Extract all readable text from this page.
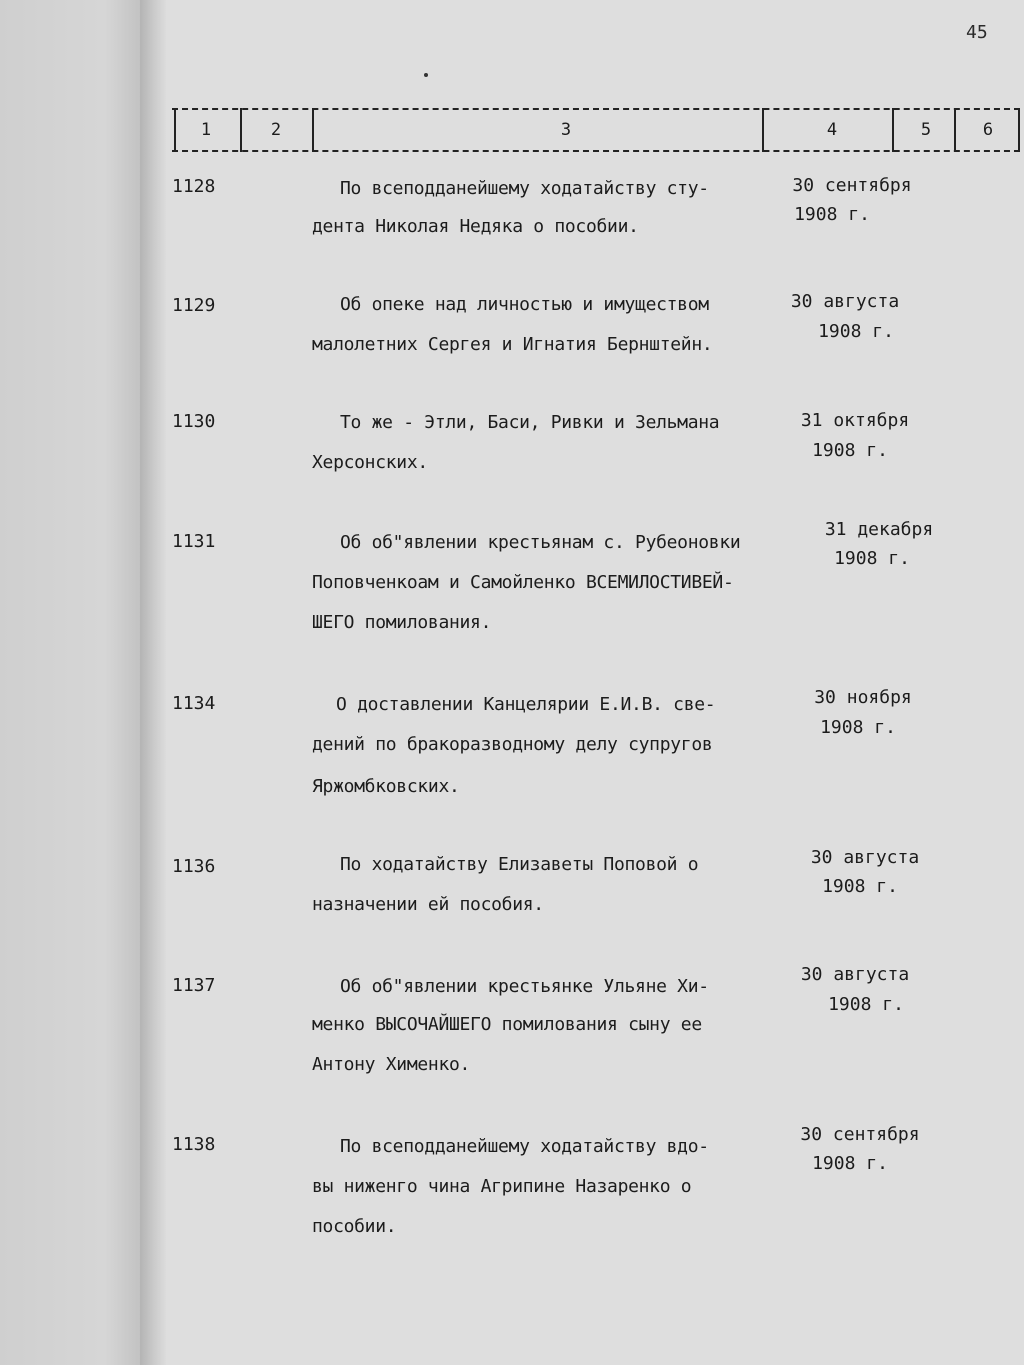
45
1	2	3	4	5	6
1128	По всеподданейшему ходатайству сту-
дента Николая Недяка о пособии.
30 сентября
1908 г.
1129	Об опеке над личностью и имуществом
малолетних Сергея и Игнатия Бернштейн.
30 августа
1908 г.
1130	То же - Этли, Баси, Ривки и Зельмана
Херсонских.
31 октября
1908 г.
1131	Об об"явлении крестьянам с. Рубеоновки
Поповченкоам и Самойленко ВСЕМИЛОСТИВЕЙ-
ШЕГО помилования.
31 декабря
1908 г.
1134	О доставлении Канцелярии Е.И.В. све-
дений по бракоразводному делу супругов
Яржомбковских.
30 ноября
1908 г.
1136	По ходатайству Елизаветы Поповой о
назначении ей пособия.
30 августа
1908 г.
1137	Об об"явлении крестьянке Ульяне Хи-
менко ВЫСОЧАЙШЕГО помилования сыну ее
Антону Хименко.
30 августа
1908 г.
1138	По всеподданейшему ходатайству вдо-
вы ниженго чина Агрипине Назаренко о
пособии.
30 сентября
1908 г.
